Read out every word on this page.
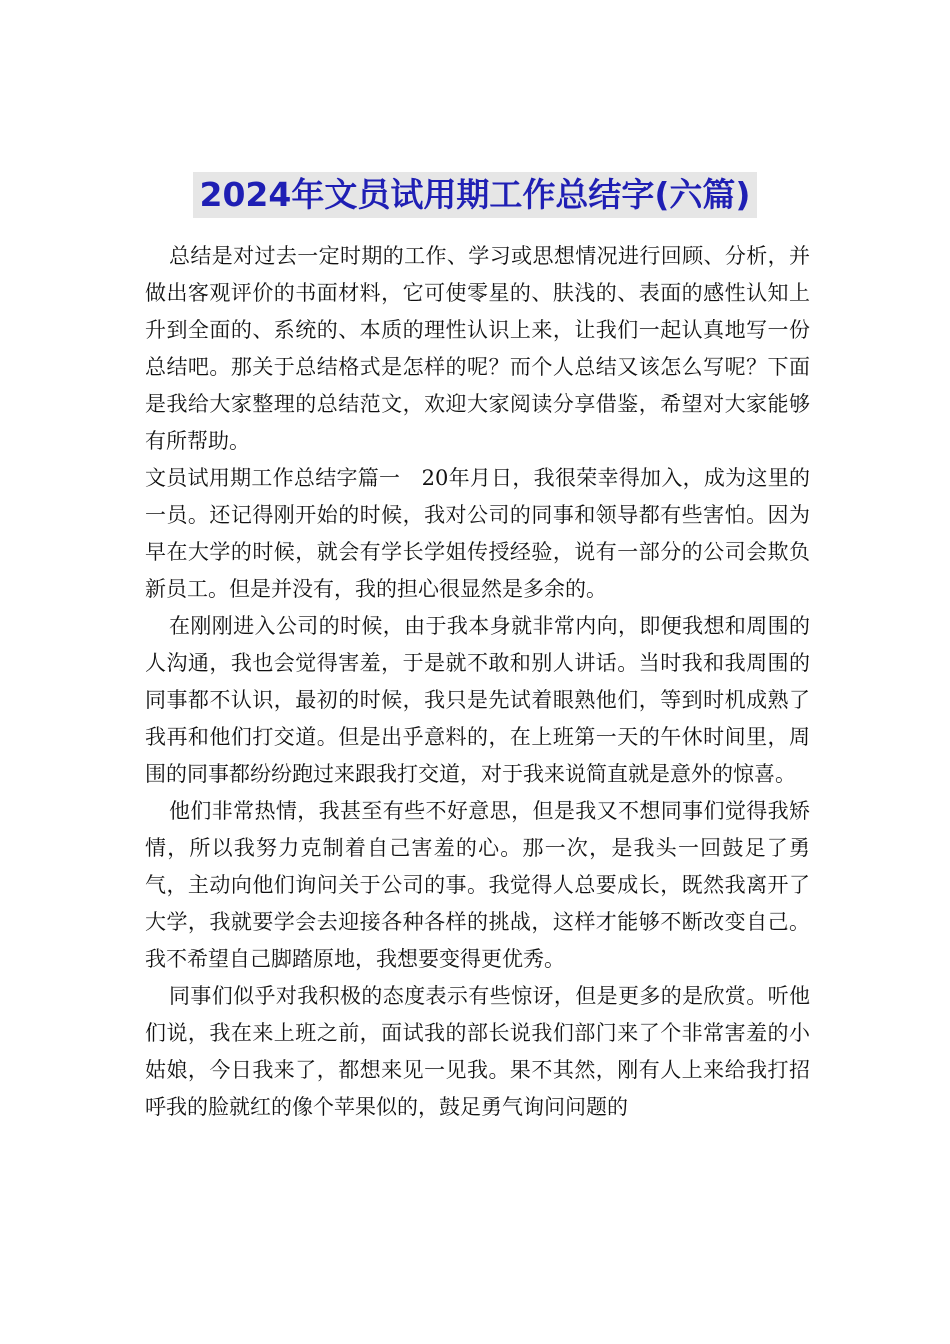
2024年文员试用期工作总结字(六篇)

总结是对过去一定时期的工作、学习或思想情况进行回顾、分析，并做出客观评价的书面材料，它可使零星的、肤浅的、表面的感性认知上升到全面的、系统的、本质的理性认识上来，让我们一起认真地写一份总结吧。那关于总结格式是怎样的呢？而个人总结又该怎么写呢？下面是我给大家整理的总结范文，欢迎大家阅读分享借鉴，希望对大家能够有所帮助。

文员试用期工作总结字篇一　20年月日，我很荣幸得加入，成为这里的一员。还记得刚开始的时候，我对公司的同事和领导都有些害怕。因为早在大学的时候，就会有学长学姐传授经验，说有一部分的公司会欺负新员工。但是并没有，我的担心很显然是多余的。

在刚刚进入公司的时候，由于我本身就非常内向，即便我想和周围的人沟通，我也会觉得害羞，于是就不敢和别人讲话。当时我和我周围的同事都不认识，最初的时候，我只是先试着眼熟他们，等到时机成熟了我再和他们打交道。但是出乎意料的，在上班第一天的午休时间里，周围的同事都纷纷跑过来跟我打交道，对于我来说简直就是意外的惊喜。

他们非常热情，我甚至有些不好意思，但是我又不想同事们觉得我矫情，所以我努力克制着自己害羞的心。那一次，是我头一回鼓足了勇气，主动向他们询问关于公司的事。我觉得人总要成长，既然我离开了大学，我就要学会去迎接各种各样的挑战，这样才能够不断改变自己。我不希望自己脚踏原地，我想要变得更优秀。

同事们似乎对我积极的态度表示有些惊讶，但是更多的是欣赏。听他们说，我在来上班之前，面试我的部长说我们部门来了个非常害羞的小姑娘，今日我来了，都想来见一见我。果不其然，刚有人上来给我打招呼我的脸就红的像个苹果似的，鼓足勇气询问问题的
